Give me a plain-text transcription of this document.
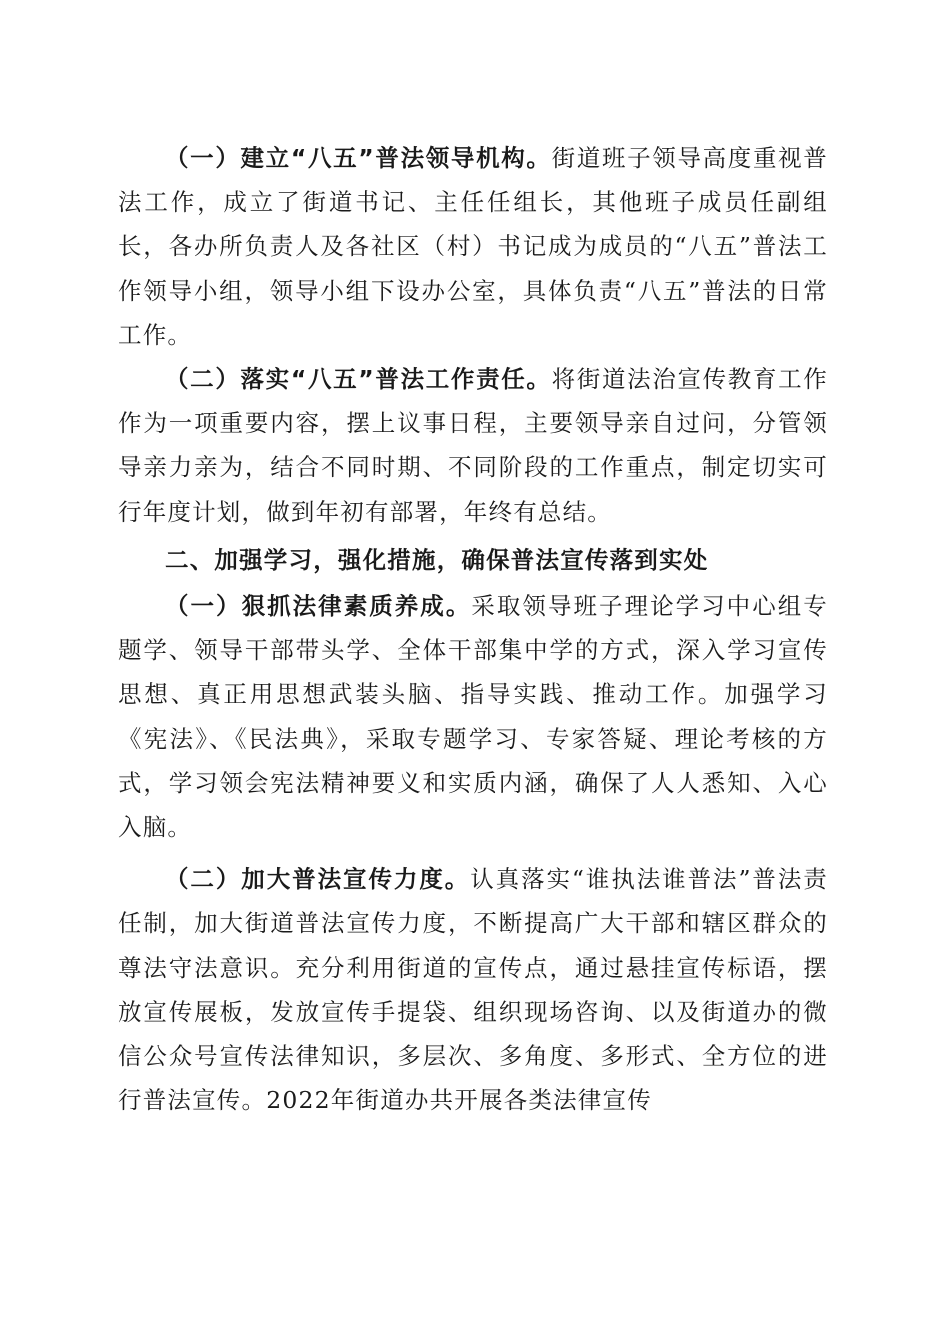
（一）建立“八五”普法领导机构。街道班子领导高度重视普法工作，成立了街道书记、主任任组长，其他班子成员任副组长，各办所负责人及各社区（村）书记成为成员的“八五”普法工作领导小组，领导小组下设办公室，具体负责“八五”普法的日常工作。

（二）落实“八五”普法工作责任。将街道法治宣传教育工作作为一项重要内容，摆上议事日程，主要领导亲自过问，分管领导亲力亲为，结合不同时期、不同阶段的工作重点，制定切实可行年度计划，做到年初有部署，年终有总结。

二、加强学习，强化措施，确保普法宣传落到实处

（一）狠抓法律素质养成。采取领导班子理论学习中心组专题学、领导干部带头学、全体干部集中学的方式，深入学习宣传思想、真正用思想武装头脑、指导实践、推动工作。加强学习《宪法》、《民法典》，采取专题学习、专家答疑、理论考核的方式，学习领会宪法精神要义和实质内涵，确保了人人悉知、入心入脑。

（二）加大普法宣传力度。认真落实“谁执法谁普法”普法责任制，加大街道普法宣传力度，不断提高广大干部和辖区群众的尊法守法意识。充分利用街道的宣传点，通过悬挂宣传标语，摆放宣传展板，发放宣传手提袋、组织现场咨询、以及街道办的微信公众号宣传法律知识，多层次、多角度、多形式、全方位的进行普法宣传。2022年街道办共开展各类法律宣传
